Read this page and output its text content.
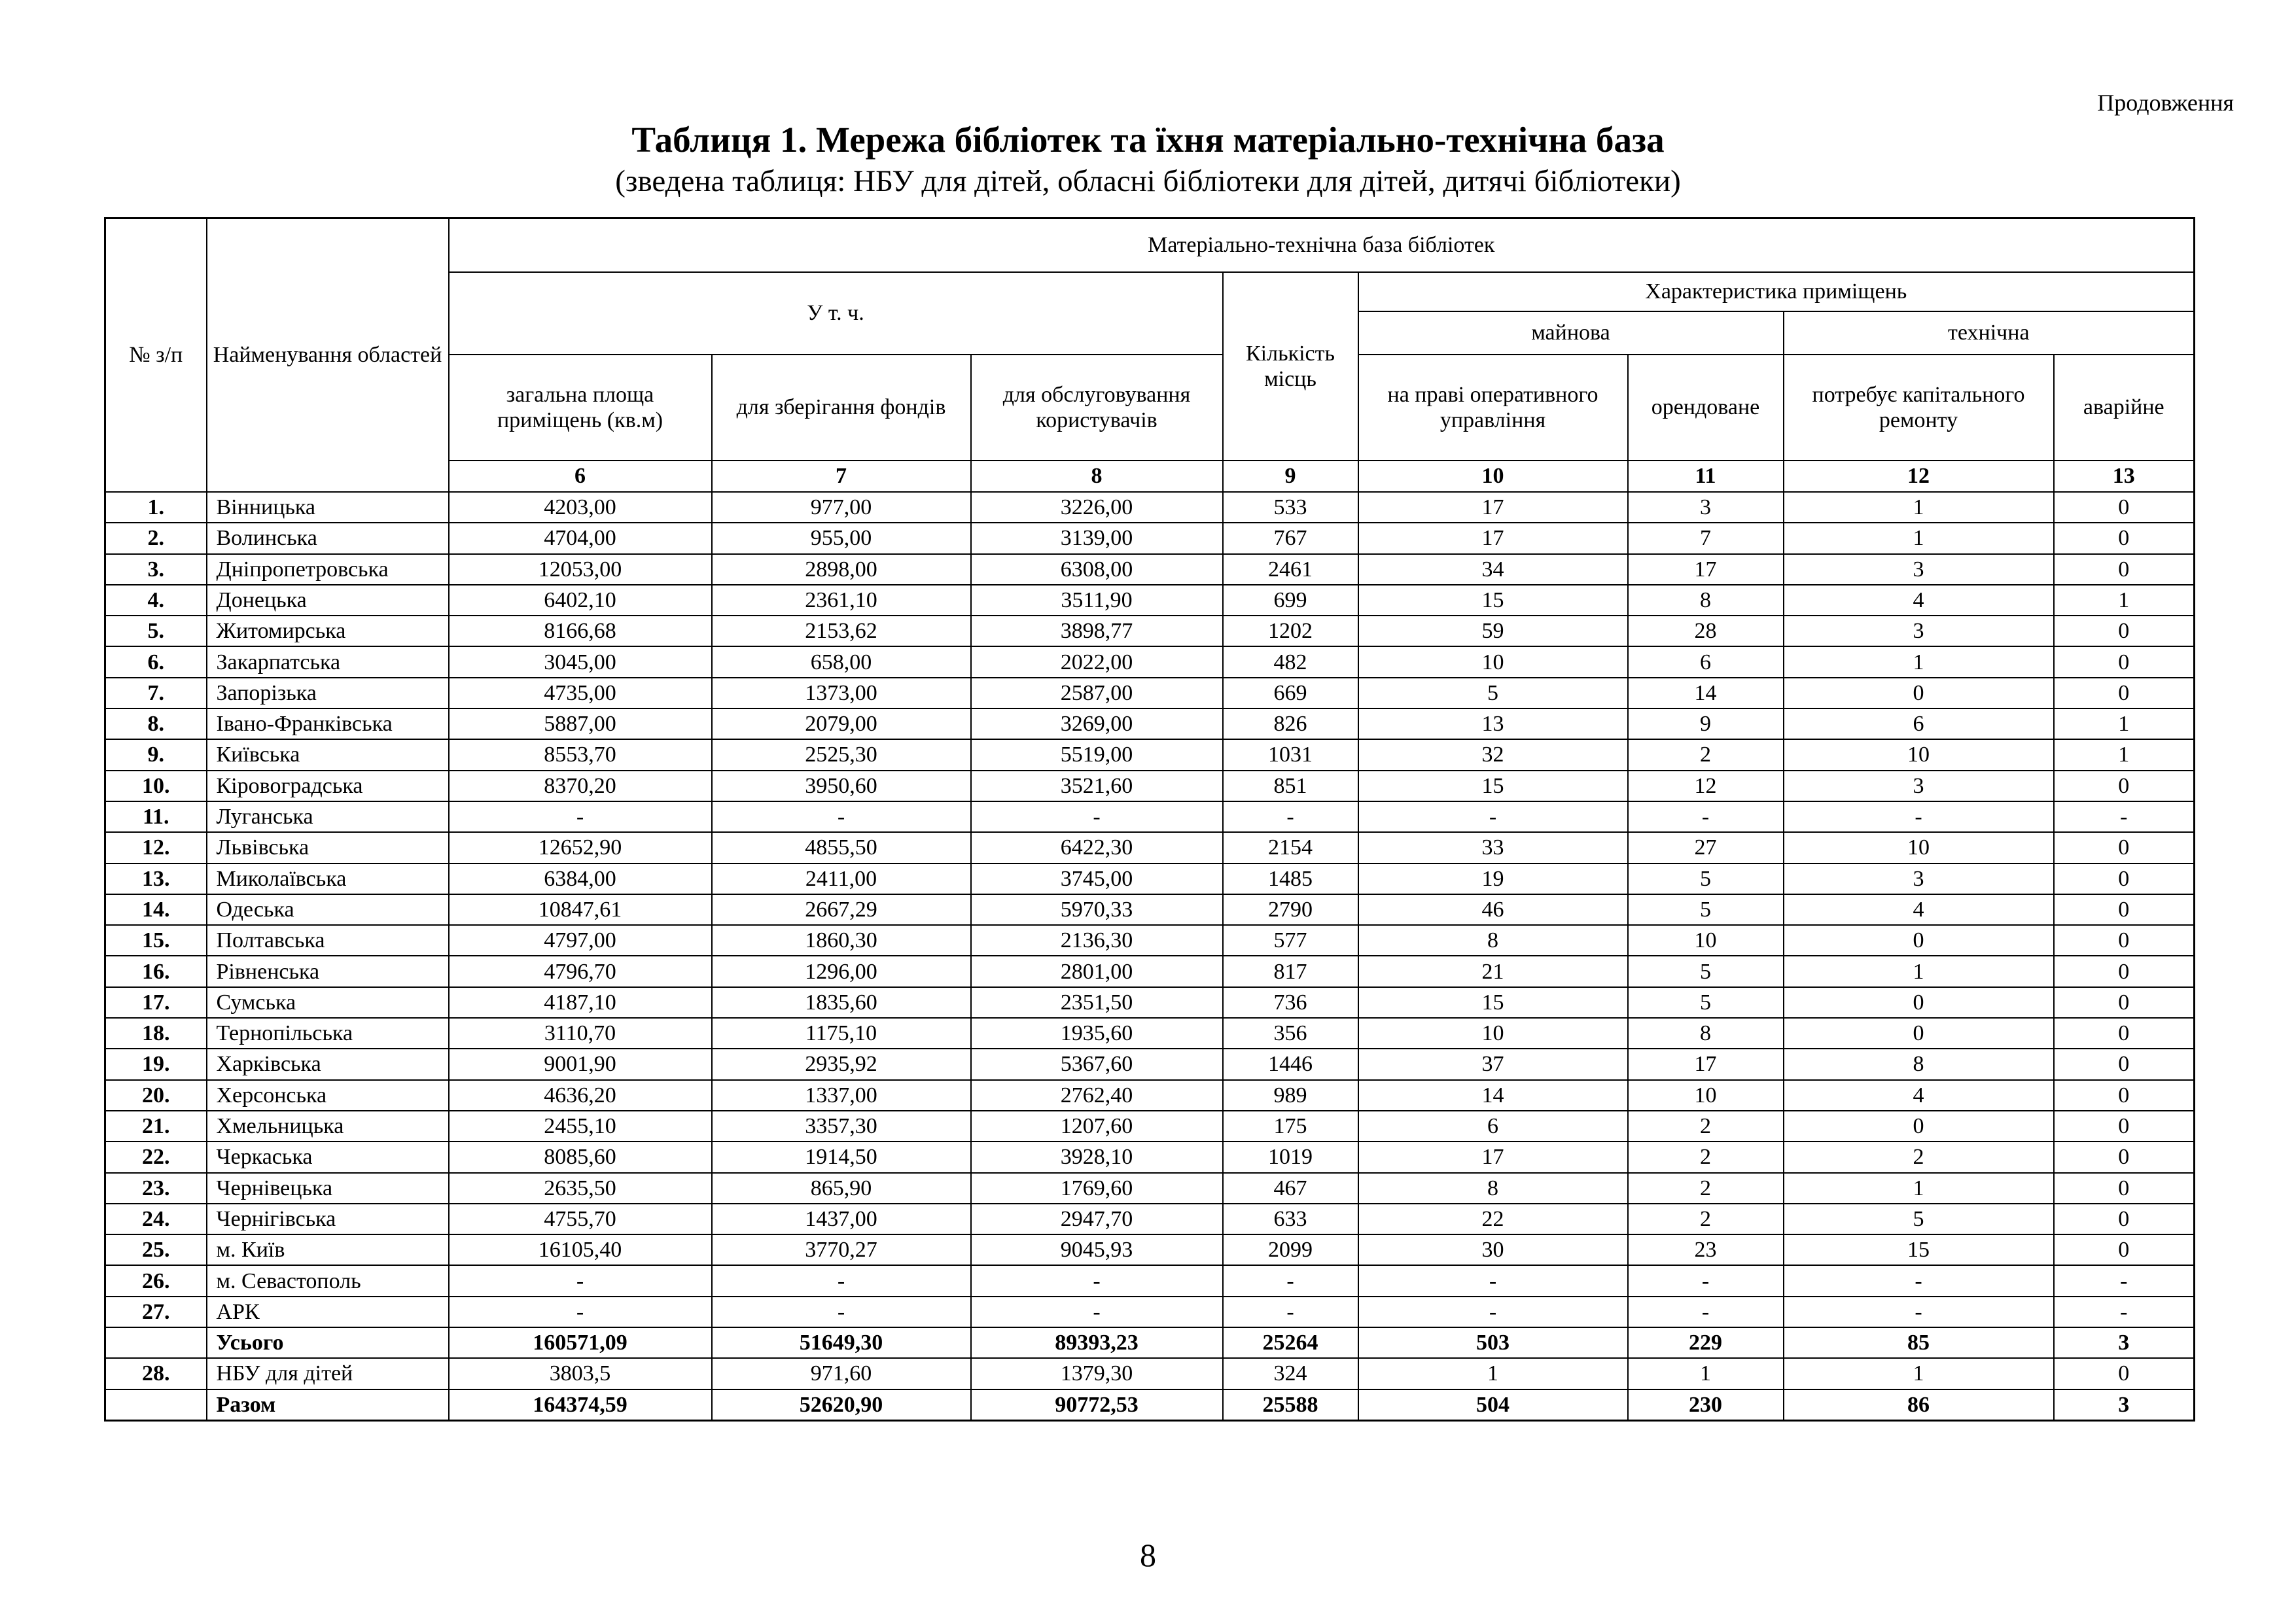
Продовження
Таблиця 1. Мережа бібліотек та їхня матеріально-технічна база
(зведена таблиця: НБУ для дітей, обласні бібліотеки для дітей, дитячі бібліотеки)
№ з/п	Найменування областей	Матеріально-технічна база бібліотек							
		У т. ч.			Кількість місць	Характеристика приміщень			
						майнова		технічна	
		загальна площа приміщень (кв.м)	для зберігання фондів	для обслуговування користувачів		на праві оперативного управління	орендоване	потребує капітального ремонту	аварійне
		6	7	8	9	10	11	12	13
1.	Вінницька	4203,00	977,00	3226,00	533	17	3	1	0
2.	Волинська	4704,00	955,00	3139,00	767	17	7	1	0
3.	Дніпропетровська	12053,00	2898,00	6308,00	2461	34	17	3	0
4.	Донецька	6402,10	2361,10	3511,90	699	15	8	4	1
5.	Житомирська	8166,68	2153,62	3898,77	1202	59	28	3	0
6.	Закарпатська	3045,00	658,00	2022,00	482	10	6	1	0
7.	Запорізька	4735,00	1373,00	2587,00	669	5	14	0	0
8.	Івано-Франківська	5887,00	2079,00	3269,00	826	13	9	6	1
9.	Київська	8553,70	2525,30	5519,00	1031	32	2	10	1
10.	Кіровоградська	8370,20	3950,60	3521,60	851	15	12	3	0
11.	Луганська	-	-	-	-	-	-	-	-
12.	Львівська	12652,90	4855,50	6422,30	2154	33	27	10	0
13.	Миколаївська	6384,00	2411,00	3745,00	1485	19	5	3	0
14.	Одеська	10847,61	2667,29	5970,33	2790	46	5	4	0
15.	Полтавська	4797,00	1860,30	2136,30	577	8	10	0	0
16.	Рівненська	4796,70	1296,00	2801,00	817	21	5	1	0
17.	Сумська	4187,10	1835,60	2351,50	736	15	5	0	0
18.	Тернопільська	3110,70	1175,10	1935,60	356	10	8	0	0
19.	Харківська	9001,90	2935,92	5367,60	1446	37	17	8	0
20.	Херсонська	4636,20	1337,00	2762,40	989	14	10	4	0
21.	Хмельницька	2455,10	3357,30	1207,60	175	6	2	0	0
22.	Черкаська	8085,60	1914,50	3928,10	1019	17	2	2	0
23.	Чернівецька	2635,50	865,90	1769,60	467	8	2	1	0
24.	Чернігівська	4755,70	1437,00	2947,70	633	22	2	5	0
25.	м. Київ	16105,40	3770,27	9045,93	2099	30	23	15	0
26.	м. Севастополь	-	-	-	-	-	-	-	-
27.	АРК	-	-	-	-	-	-	-	-
	Усього	160571,09	51649,30	89393,23	25264	503	229	85	3
28.	НБУ для дітей	3803,5	971,60	1379,30	324	1	1	1	0
	Разом	164374,59	52620,90	90772,53	25588	504	230	86	3
8
